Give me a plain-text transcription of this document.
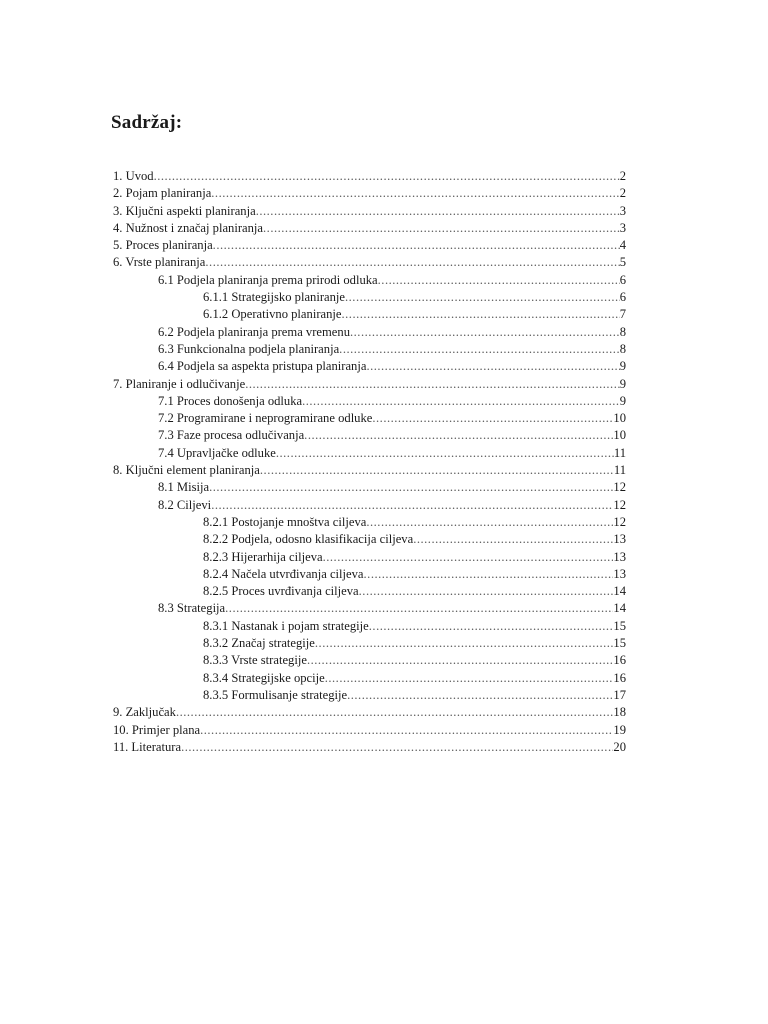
Sadržaj:
1. Uvod .....	2
2. Pojam planiranja .....	2
3. Ključni aspekti planiranja .....	3
4. Nužnost i značaj planiranja .....	3
5. Proces planiranja .....	4
6. Vrste planiranja .....	5
6.1 Podjela planiranja prema prirodi odluka .....	6
6.1.1 Strategijsko planiranje .....	6
6.1.2 Operativno planiranje .....	7
6.2 Podjela planiranja prema vremenu .....	8
6.3 Funkcionalna podjela planiranja .....	8
6.4 Podjela sa aspekta pristupa planiranja .....	9
7. Planiranje i odlučivanje .....	9
7.1 Proces donošenja odluka .....	9
7.2 Programirane i neprogramirane odluke .....	10
7.3 Faze procesa odlučivanja .....	10
7.4 Upravljačke odluke .....	11
8. Ključni element planiranja .....	11
8.1 Misija .....	12
8.2 Ciljevi .....	12
8.2.1 Postojanje mnoštva ciljeva .....	12
8.2.2 Podjela, odosno klasifikacija ciljeva .....	13
8.2.3 Hijerarhija ciljeva .....	13
8.2.4 Načela utvrđivanja ciljeva .....	13
8.2.5 Proces uvrđivanja ciljeva .....	14
8.3 Strategija .....	14
8.3.1 Nastanak i pojam strategije .....	15
8.3.2 Značaj strategije .....	15
8.3.3 Vrste strategije .....	16
8.3.4 Strategijske opcije .....	16
8.3.5 Formulisanje strategije .....	17
9. Zaključak .....	18
10. Primjer plana .....	19
11. Literatura .....	20
